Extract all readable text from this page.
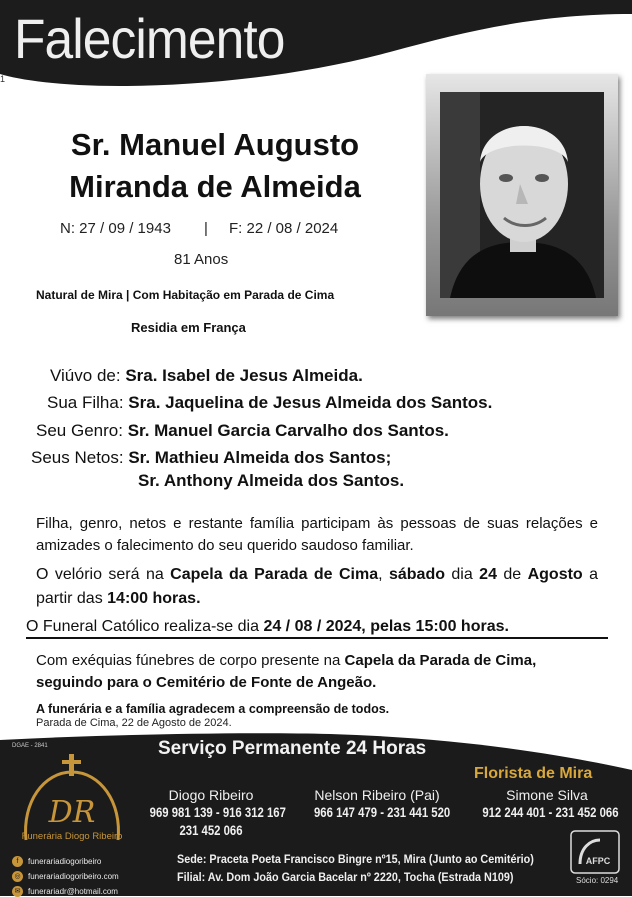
Falecimento
1
Sr. Manuel Augusto
Miranda de Almeida
N: 27 / 09 / 1943 | F: 22 / 08 / 2024
81 Anos
Natural de Mira | Com Habitação em Parada de Cima
Residia em França
Viúvo de: Sra. Isabel de Jesus Almeida.
Sua Filha: Sra. Jaquelina de Jesus Almeida dos Santos.
Seu Genro: Sr. Manuel Garcia Carvalho dos Santos.
Seus Netos: Sr. Mathieu Almeida dos Santos;
Sr. Anthony Almeida dos Santos.
Filha, genro, netos e restante família participam às pessoas de suas relações e amizades o falecimento do seu querido saudoso familiar.
O velório será na Capela da Parada de Cima, sábado dia 24 de Agosto a partir das 14:00 horas.
O Funeral Católico realiza-se dia 24 / 08 / 2024, pelas 15:00 horas.
Com exéquias fúnebres de corpo presente na Capela da Parada de Cima,
seguindo para o Cemitério de Fonte de Angeão.
A funerária e a família agradecem a compreensão de todos.
Parada de Cima, 22 de Agosto de 2024.
DGAE - 2841	Serviço Permanente 24 Horas
Florista de Mira
DR
Funerária Diogo Ribeiro
f	funerariadiogoribeiro
◎ funerariadiogoribeiro.com
✉ funerariadr@hotmail.com
Diogo Ribeiro
969 981 139 - 916 312 167
231 452 066
Nelson Ribeiro (Pai)
966 147 479 - 231 441 520
Simone Silva
912 244 401 - 231 452 066
Sede: Praceta Poeta Francisco Bingre nº15, Mira (Junto ao Cemitério)
Filial: Av. Dom João Garcia Bacelar nº 2220, Tocha (Estrada N109)
AFPC
Sócio: 0294
